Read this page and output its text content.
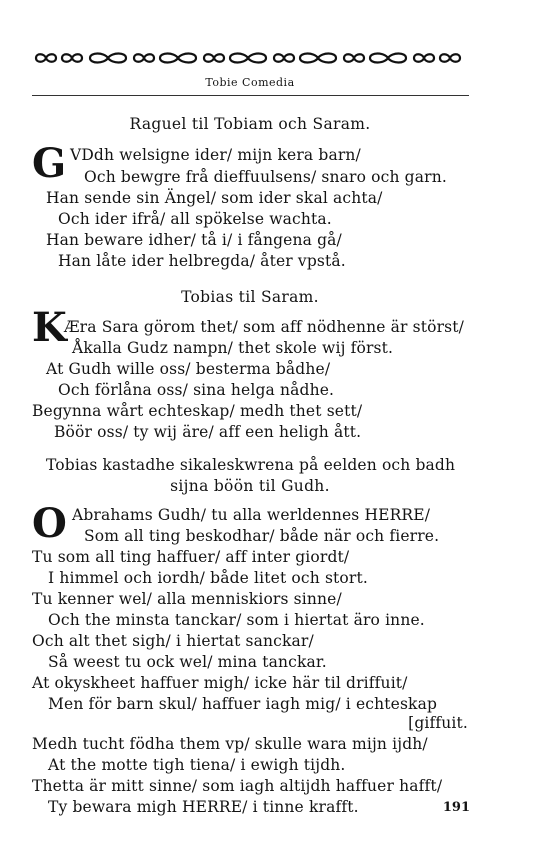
Tobie Comedia
Raguel til Tobiam och Saram.
G VDdh welsigne ider/ mijn kera barn/
Och bewgre frå dieffuulsens/ snaro och garn.
Han sende sin Ängel/ som ider skal achta/
Och ider ifrå/ all spökelse wachta.
Han beware idher/ tå i/ i fångena gå/
Han låte ider helbregda/ åter vpstå.
Tobias til Saram.
K
Æra Sara görom thet/ som aff nödhenne är störst/
Åkalla Gudz nampn/ thet skole wij först.
At Gudh wille oss/ besterma bådhe/
Och förlåna oss/ sina helga nådhe.
Begynna wårt echteskap/ medh thet sett/
Böör oss/ ty wij äre/ aff een heligh ått.
Tobias kastadhe sikaleskwrena på eelden och badh
sijna böön til Gudh.
O Abrahams Gudh/ tu alla werldennes HERRE/
Som all ting beskodhar/ både när och fierre.
Tu som all ting haffuer/ aff inter giordt/
I himmel och iordh/ både litet och stort.
Tu kenner wel/ alla menniskiors sinne/
Och the minsta tanckar/ som i hiertat äro inne.
Och alt thet sigh/ i hiertat sanckar/
Så weest tu ock wel/ mina tanckar.
At okyskheet haffuer migh/ icke här til driffuit/
Men för barn skul/ haffuer iagh mig/ i echteskap
[giffuit.
Medh tucht födha them vp/ skulle wara mijn ijdh/
At the motte tigh tiena/ i ewigh tijdh.
Thetta är mitt sinne/ som iagh altijdh haffuer hafft/
Ty bewara migh HERRE/ i tinne krafft.	191
